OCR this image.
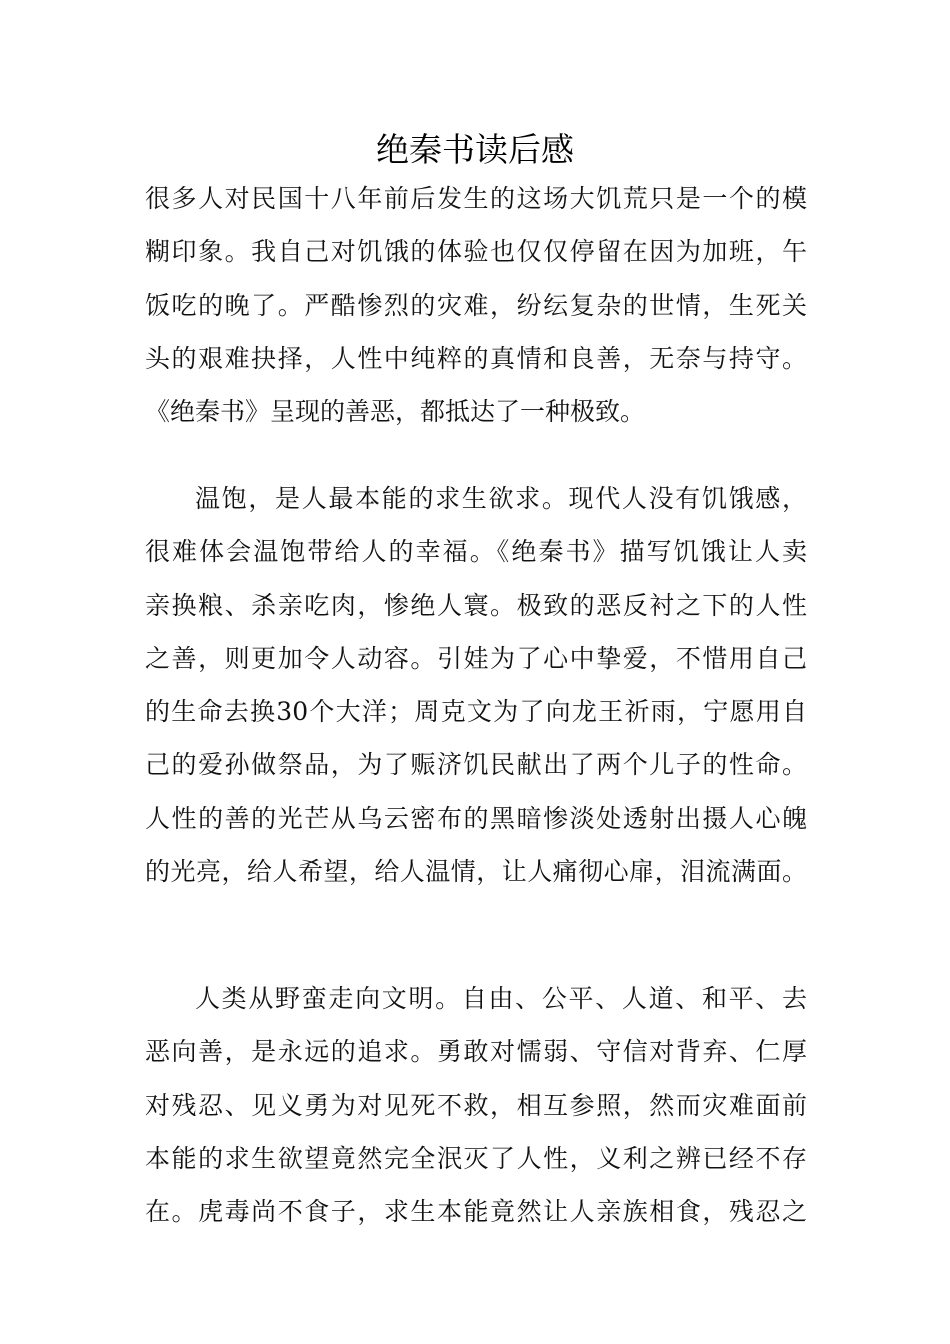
绝秦书读后感
很多人对民国十八年前后发生的这场大饥荒只是一个的模
糊印象。我自己对饥饿的体验也仅仅停留在因为加班，午
饭吃的晚了。严酷惨烈的灾难，纷纭复杂的世情，生死关
头的艰难抉择，人性中纯粹的真情和良善，无奈与持守。
《绝秦书》呈现的善恶，都抵达了一种极致。
温饱，是人最本能的求生欲求。现代人没有饥饿感，
很难体会温饱带给人的幸福。《绝秦书》描写饥饿让人卖
亲换粮、杀亲吃肉，惨绝人寰。极致的恶反衬之下的人性
之善，则更加令人动容。引娃为了心中挚爱，不惜用自己
的生命去换30个大洋；周克文为了向龙王祈雨，宁愿用自
己的爱孙做祭品，为了赈济饥民献出了两个儿子的性命。
人性的善的光芒从乌云密布的黑暗惨淡处透射出摄人心魄
的光亮，给人希望，给人温情，让人痛彻心扉，泪流满面。
人类从野蛮走向文明。自由、公平、人道、和平、去
恶向善，是永远的追求。勇敢对懦弱、守信对背弃、仁厚
对残忍、见义勇为对见死不救，相互参照，然而灾难面前
本能的求生欲望竟然完全泯灭了人性，义利之辨已经不存
在。虎毒尚不食子，求生本能竟然让人亲族相食，残忍之
